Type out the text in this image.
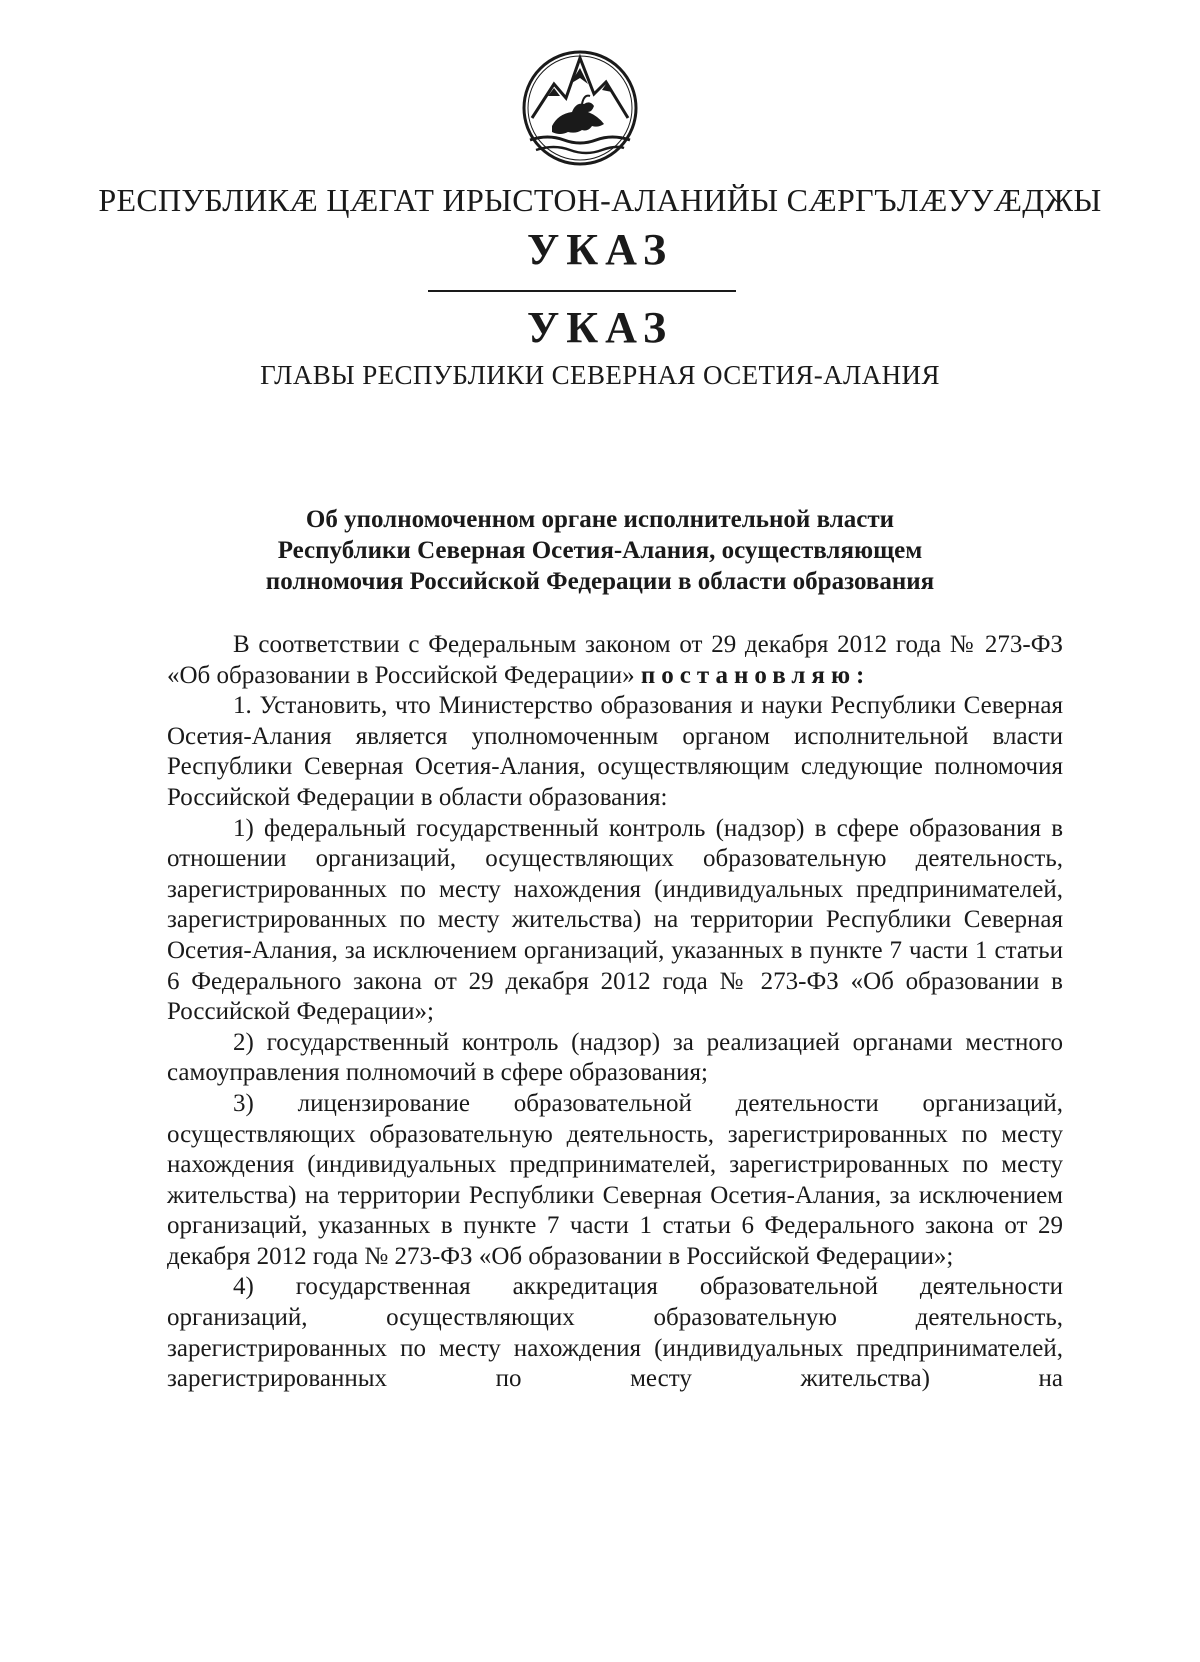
РЕСПУБЛИКӔ ЦӔГАТ ИРЫСТОН-АЛАНИЙЫ СӔРГЪЛӔУУӔДЖЫ
УКАЗ
УКАЗ
ГЛАВЫ РЕСПУБЛИКИ СЕВЕРНАЯ ОСЕТИЯ-АЛАНИЯ
Об уполномоченном органе исполнительной власти
Республики Северная Осетия-Алания, осуществляющем
полномочия Российской Федерации в области образования

В соответствии с Федеральным законом от 29 декабря 2012 года № 273-ФЗ «Об образовании в Российской Федерации» постановляю:

1. Установить, что Министерство образования и науки Республики Северная Осетия-Алания является уполномоченным органом исполнительной власти Республики Северная Осетия-Алания, осуществляющим следующие полномочия Российской Федерации в области образования:

1) федеральный государственный контроль (надзор) в сфере образования в отношении организаций, осуществляющих образовательную деятельность, зарегистрированных по месту нахождения (индивидуальных предпринимателей, зарегистрированных по месту жительства) на территории Республики Северная Осетия-Алания, за исключением организаций, указанных в пункте 7 части 1 статьи 6 Федерального закона от 29 декабря 2012 года № 273-ФЗ «Об образовании в Российской Федерации»;

2) государственный контроль (надзор) за реализацией органами местного самоуправления полномочий в сфере образования;

3) лицензирование образовательной деятельности организаций, осуществляющих образовательную деятельность, зарегистрированных по месту нахождения (индивидуальных предпринимателей, зарегистрированных по месту жительства) на территории Республики Северная Осетия-Алания, за исключением организаций, указанных в пункте 7 части 1 статьи 6 Федерального закона от 29 декабря 2012 года № 273-ФЗ «Об образовании в Российской Федерации»;

4) государственная аккредитация образовательной деятельности организаций, осуществляющих образовательную деятельность, зарегистрированных по месту нахождения (индивидуальных предпринимателей, зарегистрированных по месту жительства) на
